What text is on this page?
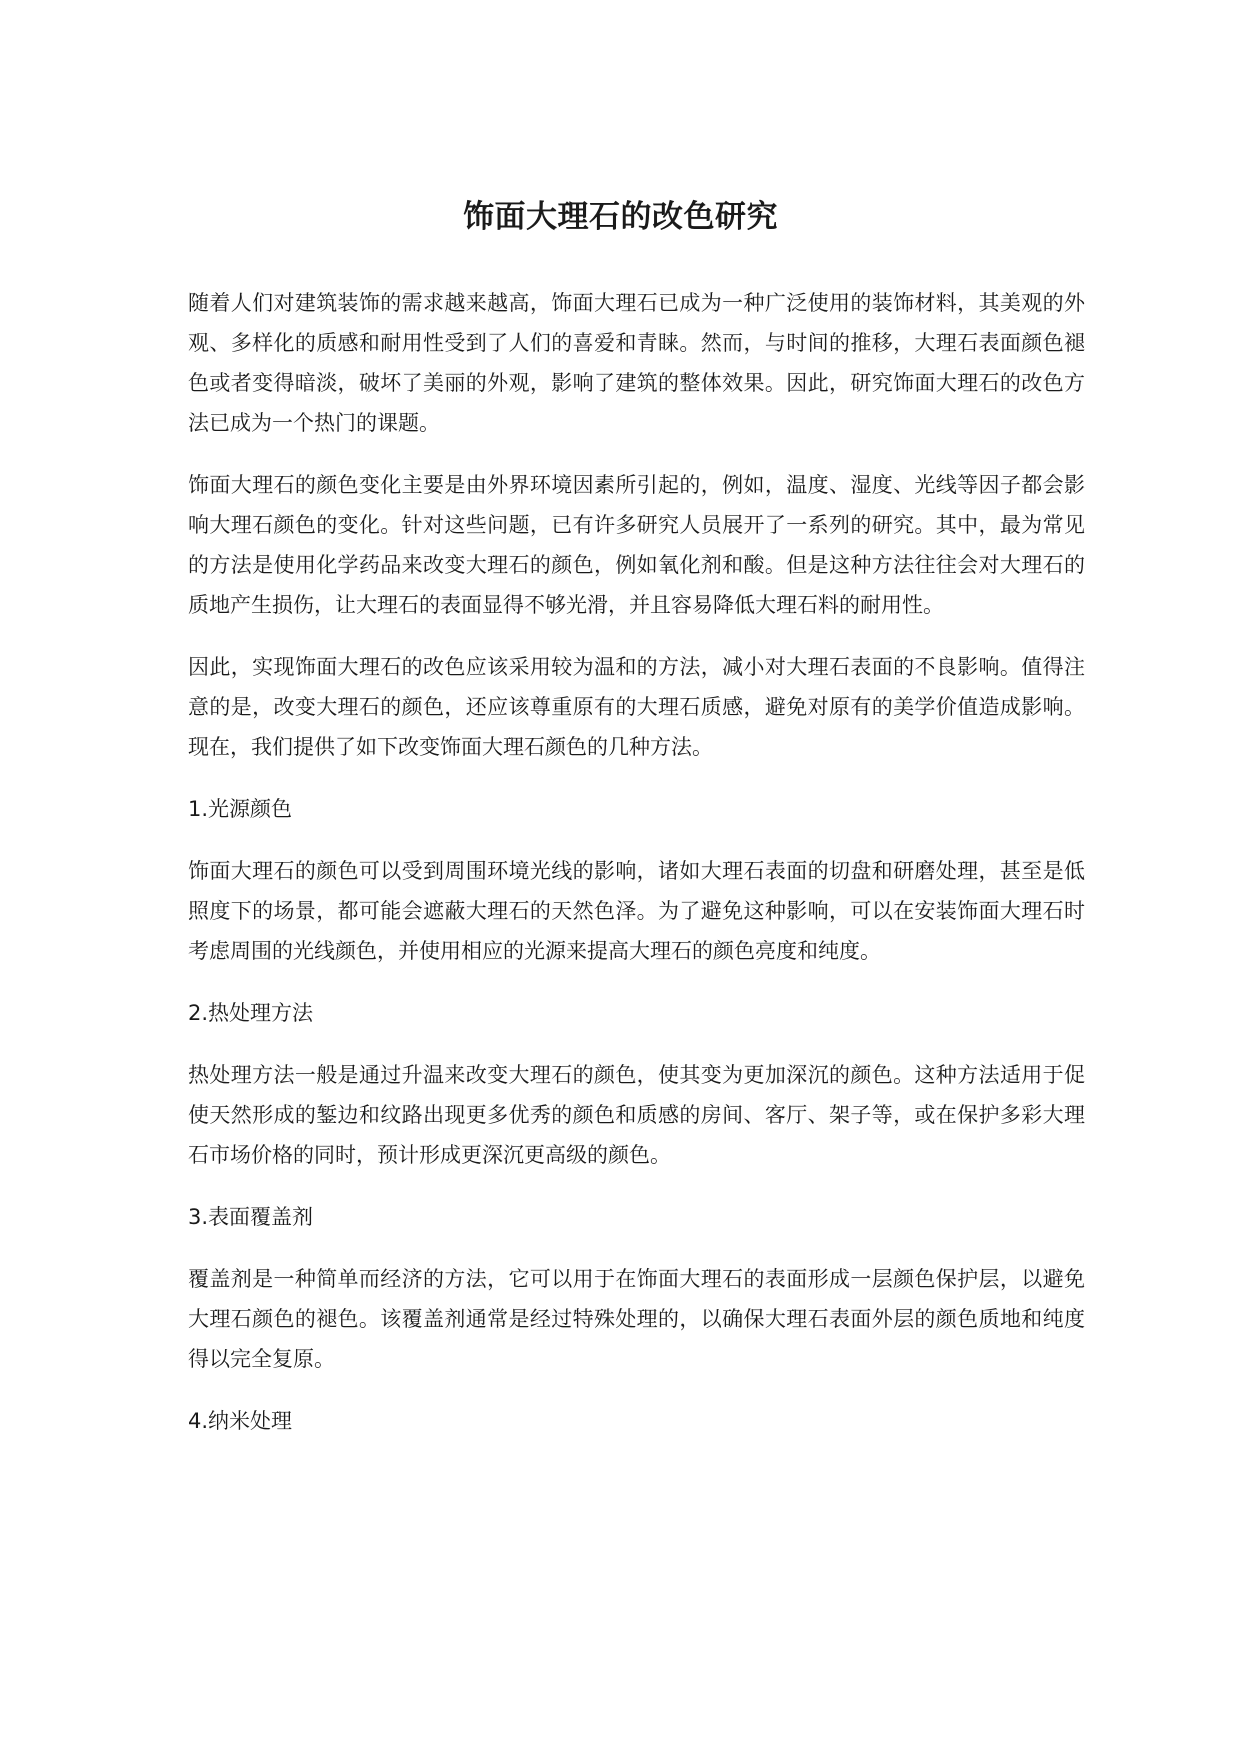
饰面大理石的改色研究

随着人们对建筑装饰的需求越来越高，饰面大理石已成为一种广泛使用的装饰材料，其美观的外观、多样化的质感和耐用性受到了人们的喜爱和青睐。然而，与时间的推移，大理石表面颜色褪色或者变得暗淡，破坏了美丽的外观，影响了建筑的整体效果。因此，研究饰面大理石的改色方法已成为一个热门的课题。

饰面大理石的颜色变化主要是由外界环境因素所引起的，例如，温度、湿度、光线等因子都会影响大理石颜色的变化。针对这些问题，已有许多研究人员展开了一系列的研究。其中，最为常见的方法是使用化学药品来改变大理石的颜色，例如氧化剂和酸。但是这种方法往往会对大理石的质地产生损伤，让大理石的表面显得不够光滑，并且容易降低大理石料的耐用性。

因此，实现饰面大理石的改色应该采用较为温和的方法，减小对大理石表面的不良影响。值得注意的是，改变大理石的颜色，还应该尊重原有的大理石质感，避免对原有的美学价值造成影响。现在，我们提供了如下改变饰面大理石颜色的几种方法。

1.光源颜色

饰面大理石的颜色可以受到周围环境光线的影响，诸如大理石表面的切盘和研磨处理，甚至是低照度下的场景，都可能会遮蔽大理石的天然色泽。为了避免这种影响，可以在安装饰面大理石时考虑周围的光线颜色，并使用相应的光源来提高大理石的颜色亮度和纯度。

2.热处理方法

热处理方法一般是通过升温来改变大理石的颜色，使其变为更加深沉的颜色。这种方法适用于促使天然形成的錾边和纹路出现更多优秀的颜色和质感的房间、客厅、架子等，或在保护多彩大理石市场价格的同时，预计形成更深沉更高级的颜色。

3.表面覆盖剂

覆盖剂是一种简单而经济的方法，它可以用于在饰面大理石的表面形成一层颜色保护层，以避免大理石颜色的褪色。该覆盖剂通常是经过特殊处理的，以确保大理石表面外层的颜色质地和纯度得以完全复原。

4.纳米处理
